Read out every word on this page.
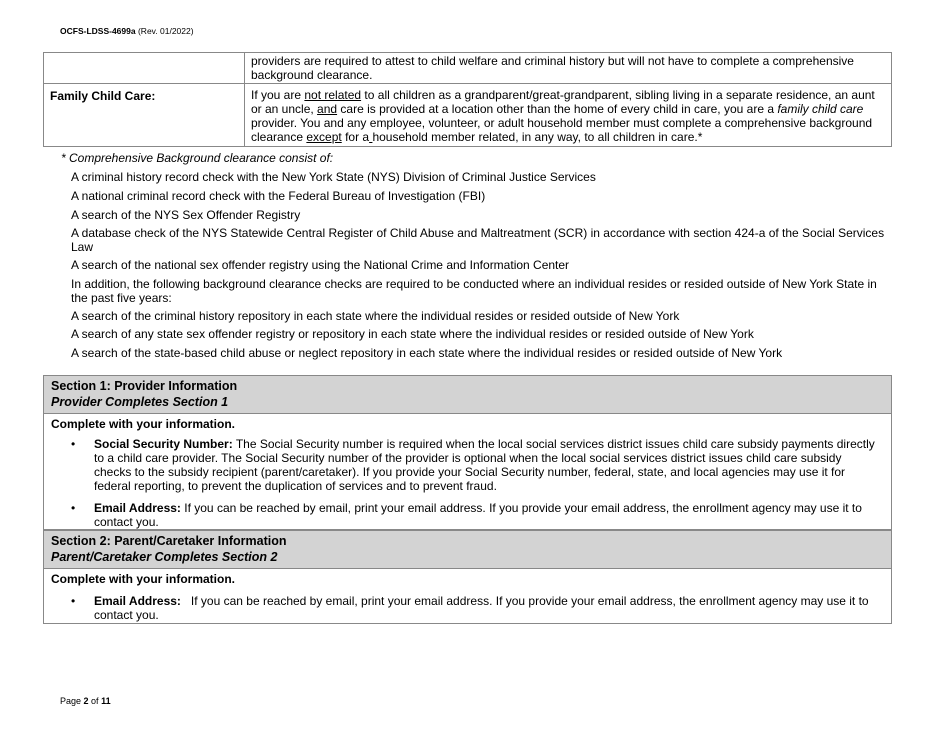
OCFS-LDSS-4699a (Rev. 01/2022)
	providers are required to attest to child welfare and criminal history but will not have to complete a comprehensive background clearance.
Family Child Care:	If you are not related to all children as a grandparent/great-grandparent, sibling living in a separate residence, an aunt or an uncle, and care is provided at a location other than the home of every child in care, you are a family child care provider. You and any employee, volunteer, or adult household member must complete a comprehensive background clearance except for a household member related, in any way, to all children in care.*
* Comprehensive Background clearance consist of:
A criminal history record check with the New York State (NYS) Division of Criminal Justice Services
A national criminal record check with the Federal Bureau of Investigation (FBI)
A search of the NYS Sex Offender Registry
A database check of the NYS Statewide Central Register of Child Abuse and Maltreatment (SCR) in accordance with section 424-a of the Social Services Law
A search of the national sex offender registry using the National Crime and Information Center
In addition, the following background clearance checks are required to be conducted where an individual resides or resided outside of New York State in the past five years:
A search of the criminal history repository in each state where the individual resides or resided outside of New York
A search of any state sex offender registry or repository in each state where the individual resides or resided outside of New York
A search of the state-based child abuse or neglect repository in each state where the individual resides or resided outside of New York
Section 1: Provider Information
Provider Completes Section 1
Complete with your information.
• Social Security Number: The Social Security number is required when the local social services district issues child care subsidy payments directly to a child care provider. The Social Security number of the provider is optional when the local social services district issues child care subsidy checks to the subsidy recipient (parent/caretaker). If you provide your Social Security number, federal, state, and local agencies may use it for federal reporting, to prevent the duplication of services and to prevent fraud.
• Email Address: If you can be reached by email, print your email address. If you provide your email address, the enrollment agency may use it to contact you.
Section 2: Parent/Caretaker Information
Parent/Caretaker Completes Section 2
Complete with your information.
• Email Address:   If you can be reached by email, print your email address. If you provide your email address, the enrollment agency may use it to contact you.
Page 2 of 11
